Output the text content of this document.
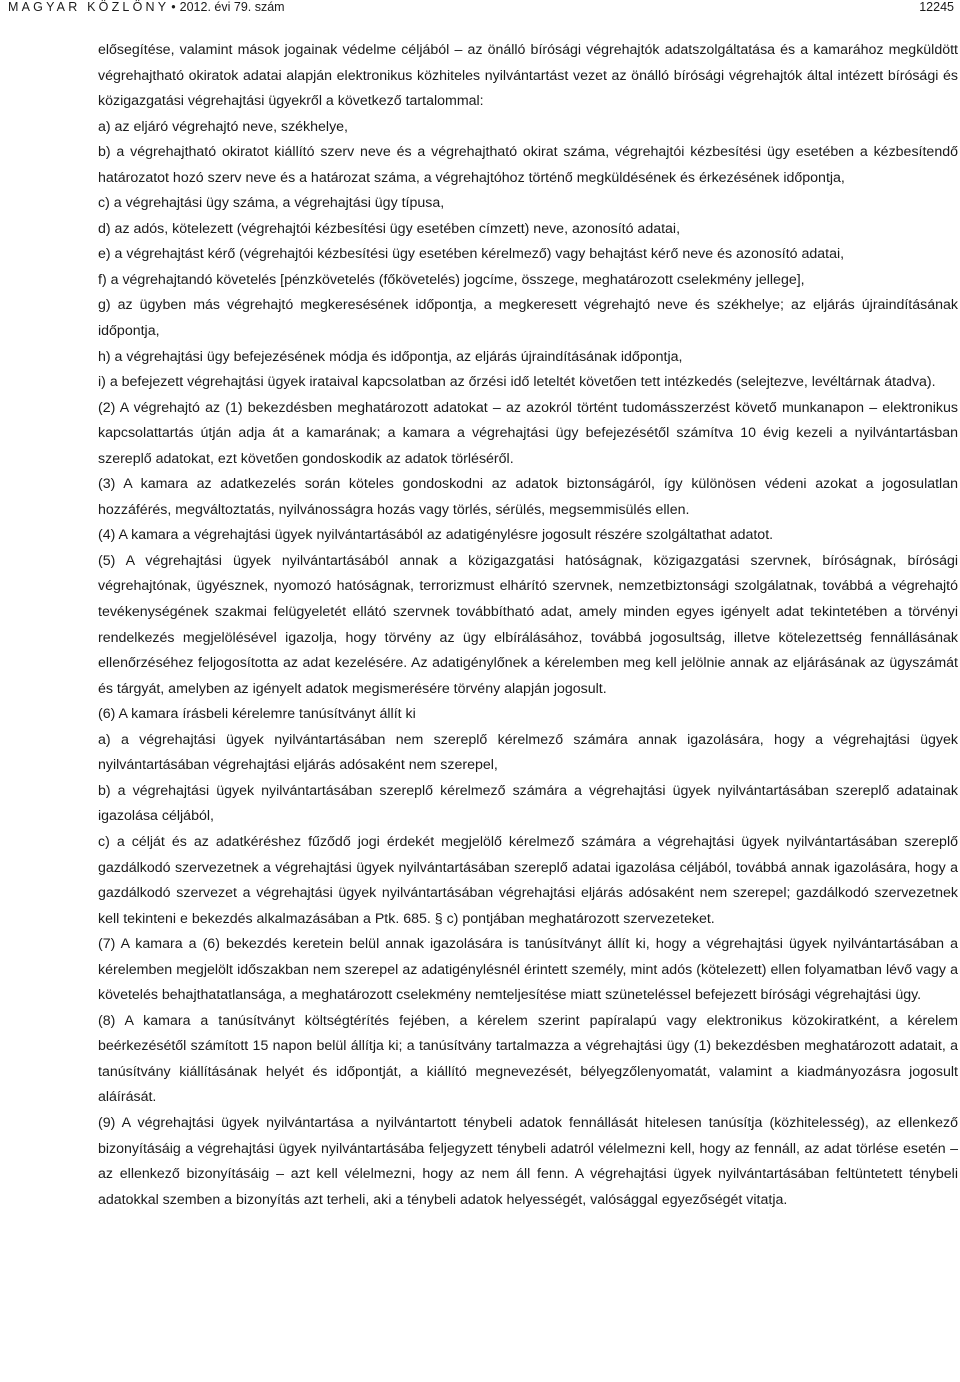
MAGYAR KÖZLÖNY • 2012. évi 79. szám	12245

elősegítése, valamint mások jogainak védelme céljából – az önálló bírósági végrehajtók adatszolgáltatása és a kamarához megküldött végrehajtható okiratok adatai alapján elektronikus közhiteles nyilvántartást vezet az önálló bírósági végrehajtók által intézett bírósági és közigazgatási végrehajtási ügyekről a következő tartalommal:

a) az eljáró végrehajtó neve, székhelye,

b) a végrehajtható okiratot kiállító szerv neve és a végrehajtható okirat száma, végrehajtói kézbesítési ügy esetében a kézbesítendő határozatot hozó szerv neve és a határozat száma, a végrehajtóhoz történő megküldésének és érkezésének időpontja,

c) a végrehajtási ügy száma, a végrehajtási ügy típusa,

d) az adós, kötelezett (végrehajtói kézbesítési ügy esetében címzett) neve, azonosító adatai,

e) a végrehajtást kérő (végrehajtói kézbesítési ügy esetében kérelmező) vagy behajtást kérő neve és azonosító adatai,

f) a végrehajtandó követelés [pénzkövetelés (főkövetelés) jogcíme, összege, meghatározott cselekmény jellege],

g) az ügyben más végrehajtó megkeresésének időpontja, a megkeresett végrehajtó neve és székhelye; az eljárás újraindításának időpontja,

h) a végrehajtási ügy befejezésének módja és időpontja, az eljárás újraindításának időpontja,

i) a befejezett végrehajtási ügyek irataival kapcsolatban az őrzési idő leteltét követően tett intézkedés (selejtezve, levéltárnak átadva).

(2) A végrehajtó az (1) bekezdésben meghatározott adatokat – az azokról történt tudomásszerzést követő munkanapon – elektronikus kapcsolattartás útján adja át a kamarának; a kamara a végrehajtási ügy befejezésétől számítva 10 évig kezeli a nyilvántartásban szereplő adatokat, ezt követően gondoskodik az adatok törléséről.

(3) A kamara az adatkezelés során köteles gondoskodni az adatok biztonságáról, így különösen védeni azokat a jogosulatlan hozzáférés, megváltoztatás, nyilvánosságra hozás vagy törlés, sérülés, megsemmisülés ellen.

(4) A kamara a végrehajtási ügyek nyilvántartásából az adatigénylésre jogosult részére szolgáltathat adatot.

(5) A végrehajtási ügyek nyilvántartásából annak a közigazgatási hatóságnak, közigazgatási szervnek, bíróságnak, bírósági végrehajtónak, ügyésznek, nyomozó hatóságnak, terrorizmust elhárító szervnek, nemzetbiztonsági szolgálatnak, továbbá a végrehajtó tevékenységének szakmai felügyeletét ellátó szervnek továbbítható adat, amely minden egyes igényelt adat tekintetében a törvényi rendelkezés megjelölésével igazolja, hogy törvény az ügy elbírálásához, továbbá jogosultság, illetve kötelezettség fennállásának ellenőrzéséhez feljogosította az adat kezelésére. Az adatigénylőnek a kérelemben meg kell jelölnie annak az eljárásának az ügyszámát és tárgyát, amelyben az igényelt adatok megismerésére törvény alapján jogosult.

(6) A kamara írásbeli kérelemre tanúsítványt állít ki

a) a végrehajtási ügyek nyilvántartásában nem szereplő kérelmező számára annak igazolására, hogy a végrehajtási ügyek nyilvántartásában végrehajtási eljárás adósaként nem szerepel,

b) a végrehajtási ügyek nyilvántartásában szereplő kérelmező számára a végrehajtási ügyek nyilvántartásában szereplő adatainak igazolása céljából,

c) a célját és az adatkéréshez fűződő jogi érdekét megjelölő kérelmező számára a végrehajtási ügyek nyilvántartásában szereplő gazdálkodó szervezetnek a végrehajtási ügyek nyilvántartásában szereplő adatai igazolása céljából, továbbá annak igazolására, hogy a gazdálkodó szervezet a végrehajtási ügyek nyilvántartásában végrehajtási eljárás adósaként nem szerepel; gazdálkodó szervezetnek kell tekinteni e bekezdés alkalmazásában a Ptk. 685. § c) pontjában meghatározott szervezeteket.

(7) A kamara a (6) bekezdés keretein belül annak igazolására is tanúsítványt állít ki, hogy a végrehajtási ügyek nyilvántartásában a kérelemben megjelölt időszakban nem szerepel az adatigénylésnél érintett személy, mint adós (kötelezett) ellen folyamatban lévő vagy a követelés behajthatatlansága, a meghatározott cselekmény nemteljesítése miatt szüneteléssel befejezett bírósági végrehajtási ügy.

(8) A kamara a tanúsítványt költségtérítés fejében, a kérelem szerint papíralapú vagy elektronikus közokiratként, a kérelem beérkezésétől számított 15 napon belül állítja ki; a tanúsítvány tartalmazza a végrehajtási ügy (1) bekezdésben meghatározott adatait, a tanúsítvány kiállításának helyét és időpontját, a kiállító megnevezését, bélyegzőlenyomatát, valamint a kiadmányozásra jogosult aláírását.

(9) A végrehajtási ügyek nyilvántartása a nyilvántartott ténybeli adatok fennállását hitelesen tanúsítja (közhitelesség), az ellenkező bizonyításáig a végrehajtási ügyek nyilvántartásába feljegyzett ténybeli adatról vélelmezni kell, hogy az fennáll, az adat törlése esetén – az ellenkező bizonyításáig – azt kell vélelmezni, hogy az nem áll fenn. A végrehajtási ügyek nyilvántartásában feltüntetett ténybeli adatokkal szemben a bizonyítás azt terheli, aki a ténybeli adatok helyességét, valósággal egyezőségét vitatja.
